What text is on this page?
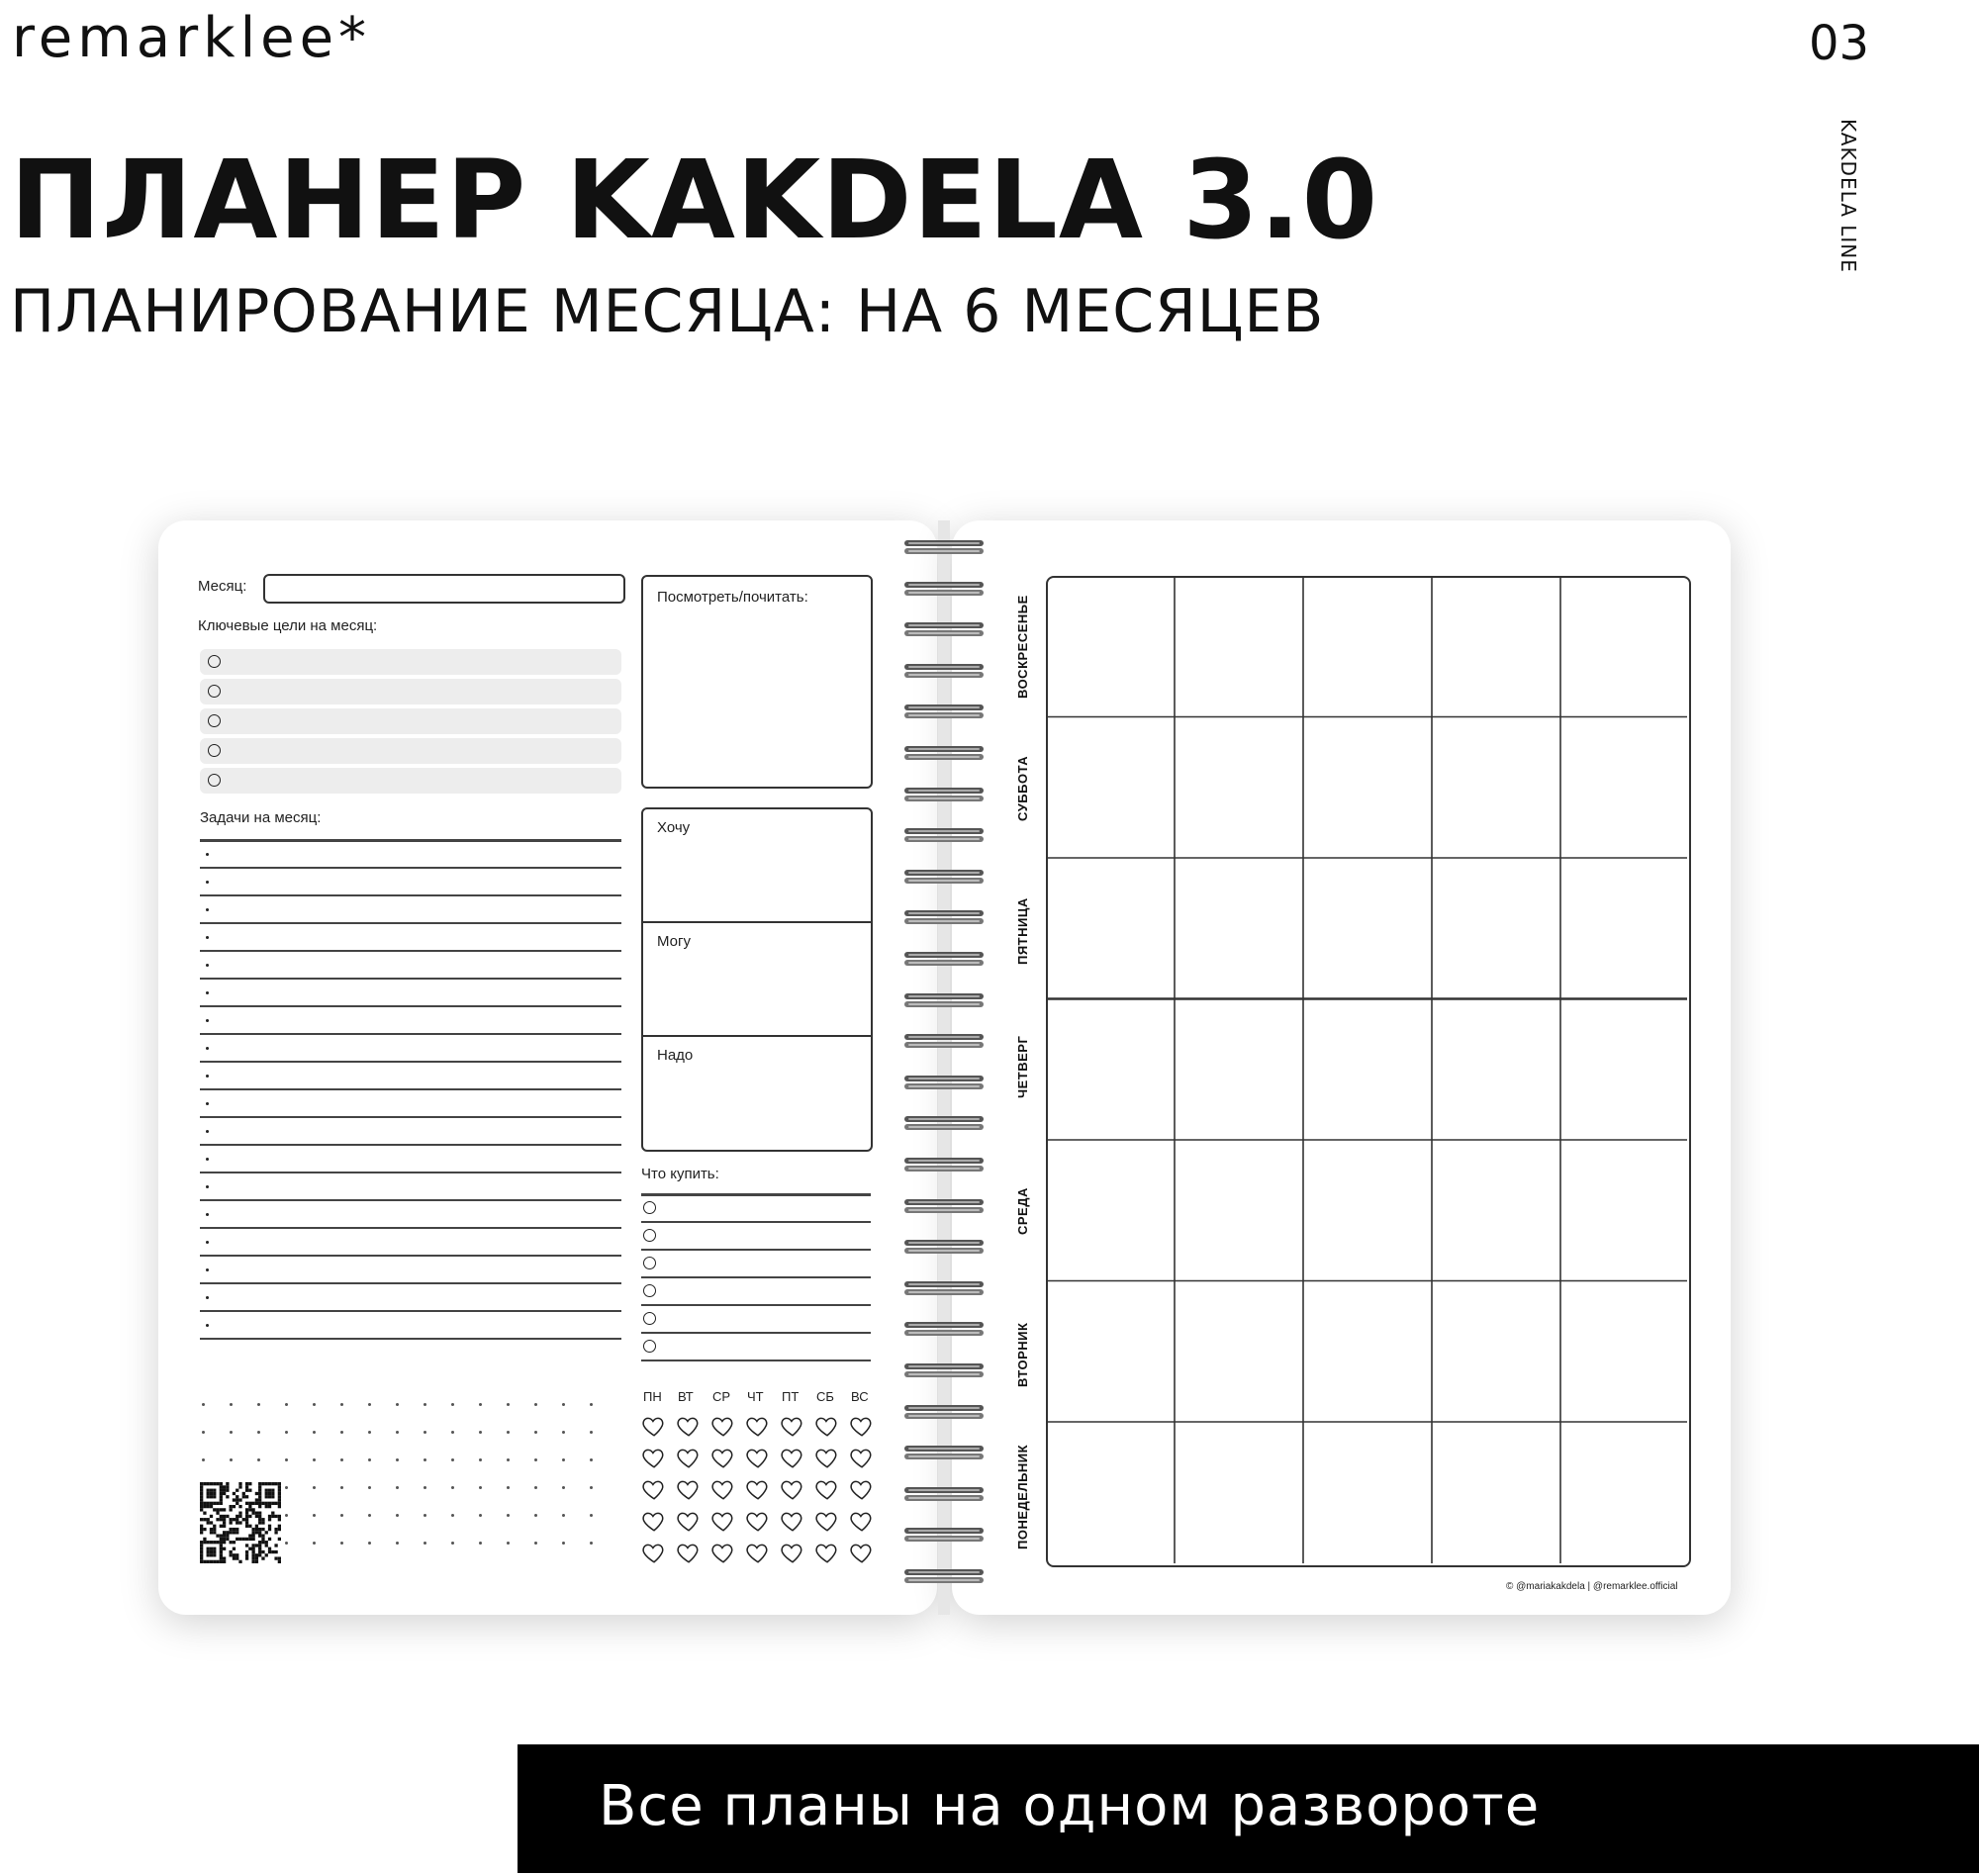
remarklee*	03
KAKDELA LINE
ПЛАНЕР KAKDELA 3.0
ПЛАНИРОВАНИЕ МЕСЯЦА: НА 6 МЕСЯЦЕВ
Месяц:
Ключевые цели на месяц:
Задачи на месяц:
Посмотреть/почитать:
Хочу
Могу
Надо
Что купить:
ПН ВТ СР ЧТ ПТ СБ ВС
© @mariakakdela | @remarklee.official
ВОСКРЕСЕНЬЕ
СУББОТА
ПЯТНИЦА
ЧЕТВЕРГ
СРЕДА
ВТОРНИК
ПОНЕДЕЛЬНИК
Все планы на одном развороте
